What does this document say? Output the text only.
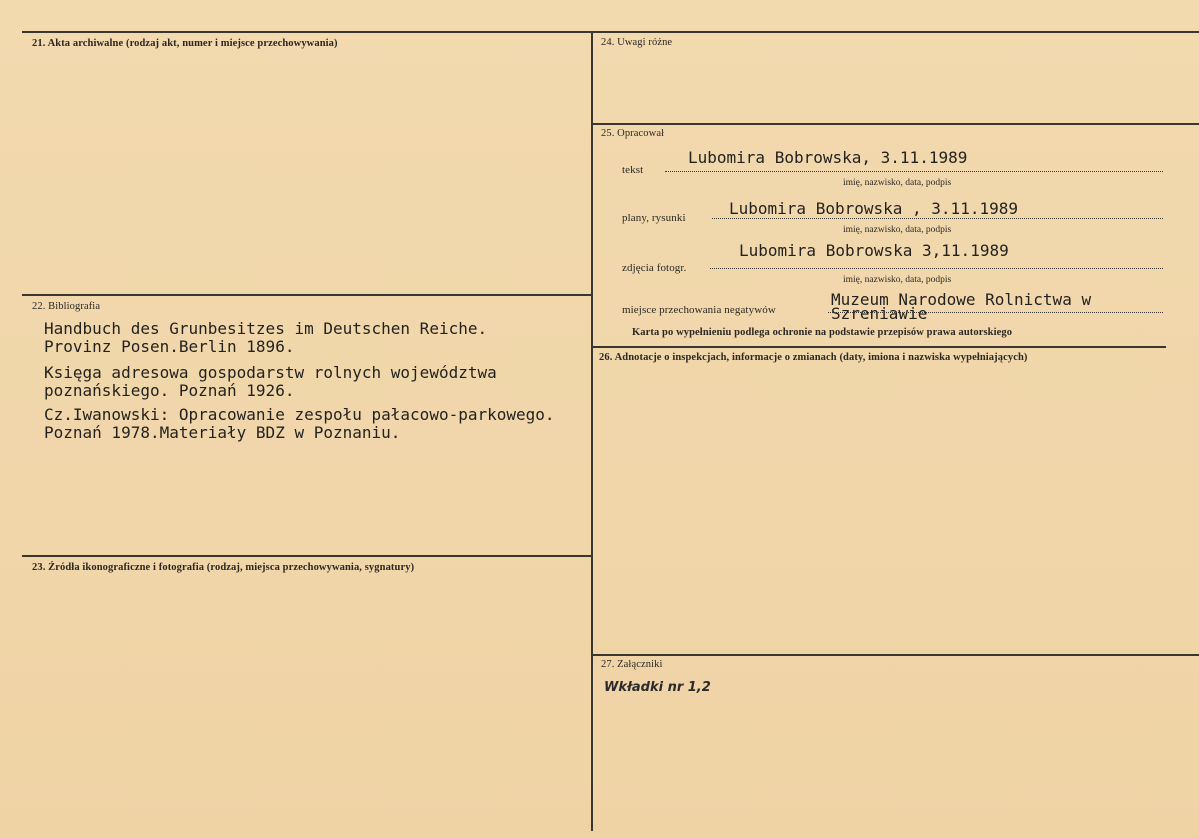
21. Akta archiwalne (rodzaj akt, numer i miejsce przechowywania)
22. Bibliografia

Handbuch des Grunbesitzes im Deutschen Reiche.

Provinz Posen.Berlin 1896.

Księga adresowa gospodarstw rolnych województwa

poznańskiego. Poznań 1926.

Cz.Iwanowski: Opracowanie zespołu pałacowo-parkowego.

Poznań 1978.Materiały BDZ w Poznaniu.

23. Źródła ikonograficzne i fotografia (rodzaj, miejsca przechowywania, sygnatury)
24. Uwagi różne
25. Opracował
tekst
Lubomira Bobrowska, 3.11.1989
imię, nazwisko, data, podpis
plany, rysunki	Lubomira Bobrowska , 3.11.1989
imię, nazwisko, data, podpis
zdjęcia fotogr.
Lubomira Bobrowska 3,11.1989
imię, nazwisko, data, podpis
miejsce przechowania negatywów
Muzeum Narodowe Rolnictwa w
Szreniawie
Karta po wypełnieniu podlega ochronie na podstawie przepisów prawa autorskiego
26. Adnotacje o inspekcjach, informacje o zmianach (daty, imiona i nazwiska wypełniających)
27. Załączniki
Wkładki nr 1,2
